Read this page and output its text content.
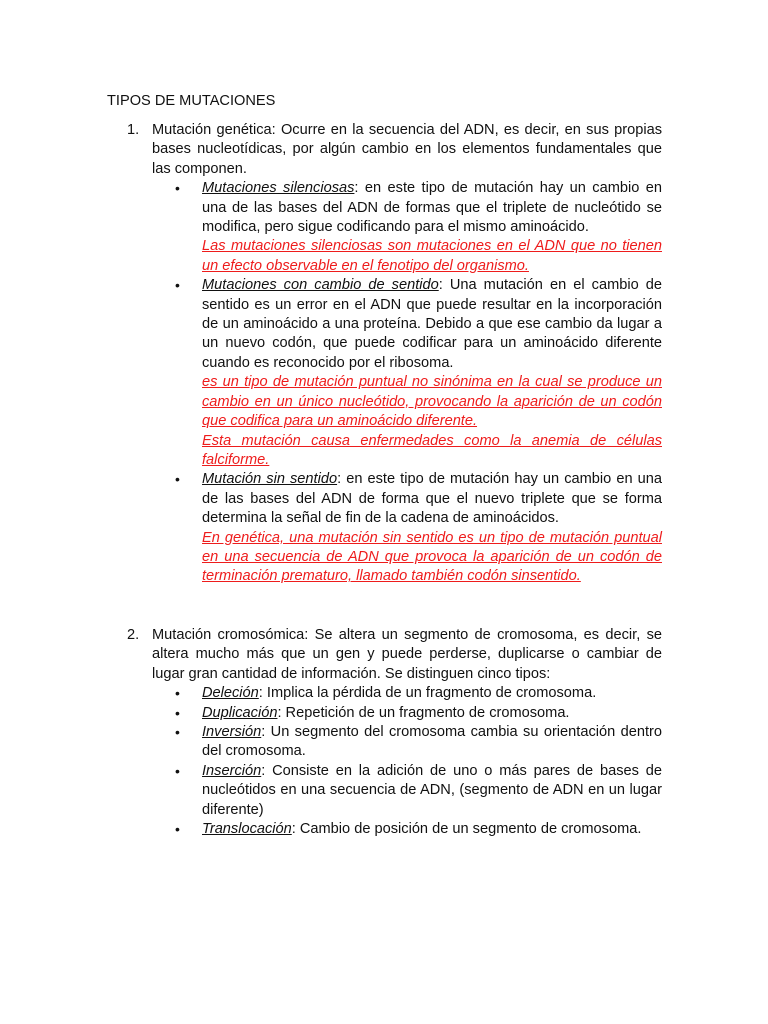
TIPOS DE MUTACIONES
1. Mutación genética: Ocurre en la secuencia del ADN, es decir, en sus propias bases nucleotídicas, por algún cambio en los elementos fundamentales que las componen.
• Mutaciones silenciosas: en este tipo de mutación hay un cambio en una de las bases del ADN de formas que el triplete de nucleótido se modifica, pero sigue codificando para el mismo aminoácido.
Las mutaciones silenciosas son mutaciones en el ADN que no tienen un efecto observable en el fenotipo del organismo.
• Mutaciones con cambio de sentido: Una mutación en el cambio de sentido es un error en el ADN que puede resultar en la incorporación de un aminoácido a una proteína. Debido a que ese cambio da lugar a un nuevo codón, que puede codificar para un aminoácido diferente cuando es reconocido por el ribosoma.
es un tipo de mutación puntual no sinónima en la cual se produce un cambio en un único nucleótido, provocando la aparición de un codón que codifica para un aminoácido diferente.
Esta mutación causa enfermedades como la anemia de células falciforme.
• Mutación sin sentido: en este tipo de mutación hay un cambio en una de las bases del ADN de forma que el nuevo triplete que se forma determina la señal de fin de la cadena de aminoácidos.
En genética, una mutación sin sentido es un tipo de mutación puntual en una secuencia de ADN que provoca la aparición de un codón de terminación prematuro, llamado también codón sinsentido.
2. Mutación cromosómica: Se altera un segmento de cromosoma, es decir, se altera mucho más que un gen y puede perderse, duplicarse o cambiar de lugar gran cantidad de información. Se distinguen cinco tipos:
• Deleción: Implica la pérdida de un fragmento de cromosoma.
• Duplicación: Repetición de un fragmento de cromosoma.
• Inversión: Un segmento del cromosoma cambia su orientación dentro del cromosoma.
• Inserción: Consiste en la adición de uno o más pares de bases de nucleótidos en una secuencia de ADN, (segmento de ADN en un lugar diferente)
• Translocación: Cambio de posición de un segmento de cromosoma.
